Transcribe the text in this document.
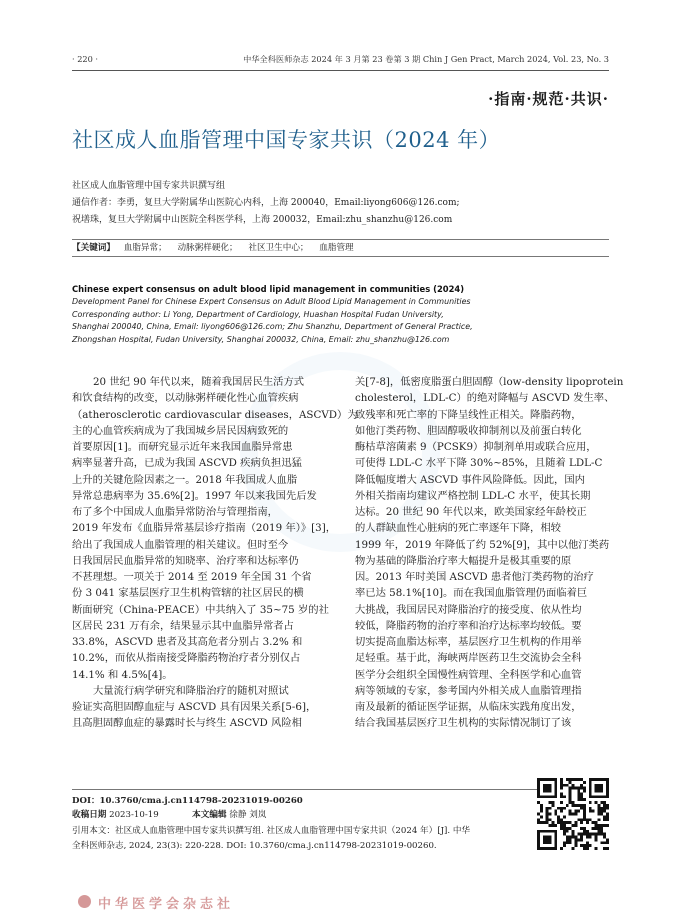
· 220 ·	中华全科医师杂志 2024 年 3 月第 23 卷第 3 期 Chin J Gen Pract, March 2024, Vol. 23, No. 3
·指南·规范·共识·
社区成人血脂管理中国专家共识（2024 年）
社区成人血脂管理中国专家共识撰写组
通信作者：李勇，复旦大学附属华山医院心内科，上海 200040，Email:liyong606@126.com;
祝墡珠，复旦大学附属中山医院全科医学科，上海 200032，Email:zhu_shanzhu@126.com
【关键词】 血脂异常； 动脉粥样硬化； 社区卫生中心； 血脂管理
Chinese expert consensus on adult blood lipid management in communities (2024)
Development Panel for Chinese Expert Consensus on Adult Blood Lipid Management in Communities
Corresponding author: Li Yong, Department of Cardiology, Huashan Hospital Fudan University,
Shanghai 200040, China, Email: liyong606@126.com; Zhu Shanzhu, Department of General Practice,
Zhongshan Hospital, Fudan University, Shanghai 200032, China, Email: zhu_shanzhu@126.com
20 世纪 90 年代以来，随着我国居民生活方式
和饮食结构的改变，以动脉粥样硬化性心血管疾病
（atherosclerotic cardiovascular diseases，ASCVD）为
主的心血管疾病成为了我国城乡居民因病致死的
首要原因[1]。而研究显示近年来我国血脂异常患
病率显著升高，已成为我国 ASCVD 疾病负担迅猛
上升的关键危险因素之一。2018 年我国成人血脂
异常总患病率为 35.6%[2]。1997 年以来我国先后发
布了多个中国成人血脂异常防治与管理指南，
2019 年发布《血脂异常基层诊疗指南（2019 年）》[3]，
给出了我国成人血脂管理的相关建议。但时至今
日我国居民血脂异常的知晓率、治疗率和达标率仍
不甚理想。一项关于 2014 至 2019 年全国 31 个省
份 3 041 家基层医疗卫生机构管辖的社区居民的横
断面研究（China-PEACE）中共纳入了 35~75 岁的社
区居民 231 万有余，结果显示其中血脂异常者占
33.8%，ASCVD 患者及其高危者分别占 3.2% 和
10.2%，而依从指南接受降脂药物治疗者分别仅占
14.1% 和 4.5%[4]。
大量流行病学研究和降脂治疗的随机对照试
验证实高胆固醇血症与 ASCVD 具有因果关系[5-6]，
且高胆固醇血症的暴露时长与终生 ASCVD 风险相
关[7-8]，低密度脂蛋白胆固醇（low-density lipoprotein
cholesterol，LDL-C）的绝对降幅与 ASCVD 发生率、
致残率和死亡率的下降呈线性正相关。降脂药物，
如他汀类药物、胆固醇吸收抑制剂以及前蛋白转化
酶枯草溶菌素 9（PCSK9）抑制剂单用或联合应用，
可使得 LDL-C 水平下降 30%~85%，且随着 LDL-C
降低幅度增大 ASCVD 事件风险降低。因此，国内
外相关指南均建议严格控制 LDL-C 水平，使其长期
达标。20 世纪 90 年代以来，欧美国家经年龄校正
的人群缺血性心脏病的死亡率逐年下降，相较
1999 年，2019 年降低了约 52%[9]，其中以他汀类药
物为基础的降脂治疗率大幅提升是极其重要的原
因。2013 年时美国 ASCVD 患者他汀类药物的治疗
率已达 58.1%[10]。而在我国血脂管理仍面临着巨
大挑战，我国居民对降脂治疗的接受度、依从性均
较低，降脂药物的治疗率和治疗达标率均较低。要
切实提高血脂达标率，基层医疗卫生机构的作用举
足轻重。基于此，海峡两岸医药卫生交流协会全科
医学分会组织全国慢性病管理、全科医学和心血管
病等领域的专家，参考国内外相关成人血脂管理指
南及最新的循证医学证据，从临床实践角度出发，
结合我国基层医疗卫生机构的实际情况制订了该
DOI：10.3760/cma.j.cn114798-20231019-00260
收稿日期 2023-10-19	本文编辑 徐静 刘岚
引用本文：社区成人血脂管理中国专家共识撰写组. 社区成人血脂管理中国专家共识（2024 年）[J]. 中华
全科医师杂志, 2024, 23(3): 220-228. DOI: 10.3760/cma.j.cn114798-20231019-00260.
中华医学会杂志社
